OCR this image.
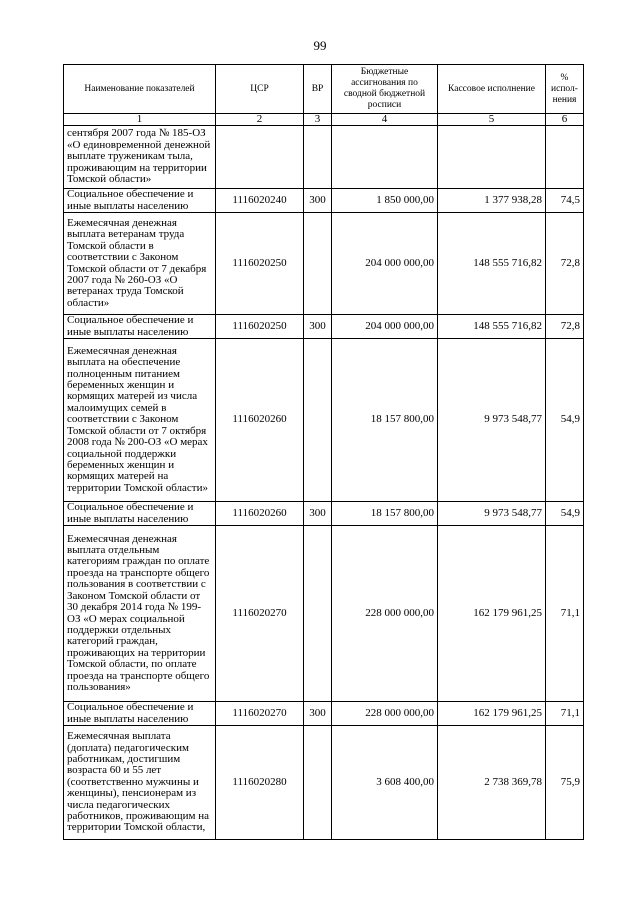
99
Наименование показателей	ЦСР	ВР	Бюджетные ассигнования по сводной бюджетной росписи	Кассовое исполнение	% испол-нения
1	2	3	4	5	6
сентября 2007 года № 185-ОЗ «О единовременной денежной выплате труженикам тыла, проживающим на территории Томской области»					
Социальное обеспечение и иные выплаты населению	1116020240	300	1 850 000,00	1 377 938,28	74,5
Ежемесячная денежная выплата ветеранам труда Томской области в соответствии с Законом Томской области от 7 декабря 2007 года № 260-ОЗ «О ветеранах труда Томской области»	1116020250		204 000 000,00	148 555 716,82	72,8
Социальное обеспечение и иные выплаты населению	1116020250	300	204 000 000,00	148 555 716,82	72,8
Ежемесячная денежная выплата на обеспечение полноценным питанием беременных женщин и кормящих матерей из числа малоимущих семей в соответствии с Законом Томской области от 7 октября 2008 года № 200-ОЗ «О мерах социальной поддержки беременных женщин и кормящих матерей на территории Томской области»	1116020260		18 157 800,00	9 973 548,77	54,9
Социальное обеспечение и иные выплаты населению	1116020260	300	18 157 800,00	9 973 548,77	54,9
Ежемесячная денежная выплата отдельным категориям граждан по оплате проезда на транспорте общего пользования в соответствии с Законом Томской области от 30 декабря 2014 года № 199-ОЗ «О мерах социальной поддержки отдельных категорий граждан, проживающих на территории Томской области, по оплате проезда на транспорте общего пользования»	1116020270		228 000 000,00	162 179 961,25	71,1
Социальное обеспечение и иные выплаты населению	1116020270	300	228 000 000,00	162 179 961,25	71,1
Ежемесячная выплата (доплата) педагогическим работникам, достигшим возраста 60 и 55 лет (соответственно мужчины и женщины), пенсионерам из числа педагогических работников, проживающим на территории Томской области,	1116020280		3 608 400,00	2 738 369,78	75,9
